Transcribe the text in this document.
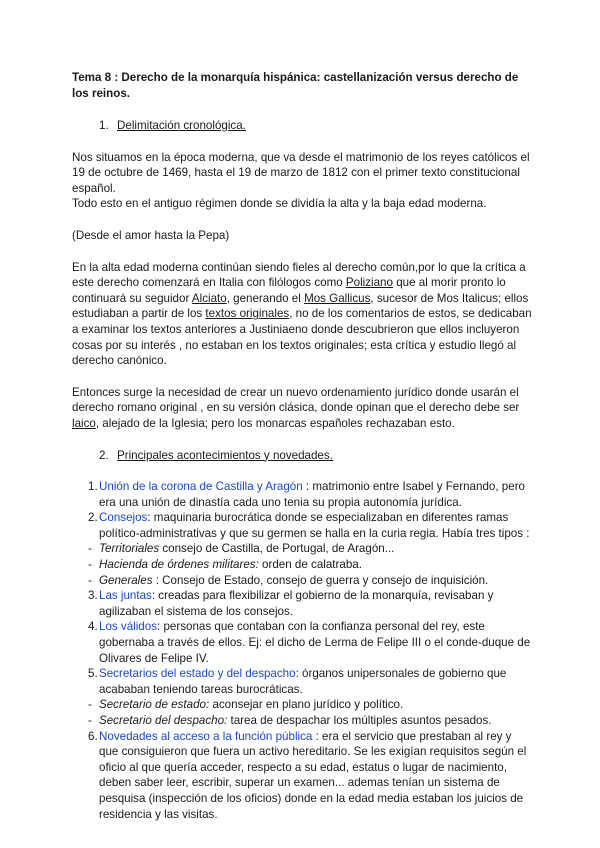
Tema 8 : Derecho de la monarquía hispánica: castellanización versus derecho de los reinos.

1. Delimitación cronológica.

Nos situamos en la época moderna, que va desde el matrimonio de los reyes católicos el 19 de octubre de 1469, hasta el 19 de marzo de 1812 con el primer texto constitucional español.

Todo esto en el antiguo régimen donde se dividía la alta y la baja edad moderna.

(Desde el amor hasta la Pepa)

En la alta edad moderna continúan siendo fieles al derecho común,por lo que la crítica a este derecho comenzará en Italia con filólogos como Poliziano que al morir pronto lo continuará su seguidor Alciato, generando el Mos Gallicus, sucesor de Mos Italicus; ellos estudiaban a partir de los textos originales, no de los comentarios de estos, se dedicaban a examinar los textos anteriores a Justiniaeno donde descubrieron que ellos incluyeron cosas por su interés , no estaban en los textos originales; esta crítica y estudio llegó al derecho canónico.

Entonces surge la necesidad de crear un nuevo ordenamiento jurídico donde usarán el derecho romano original , en su versión clásica, donde opinan que el derecho debe ser laico, alejado de la Iglesia; pero los monarcas españoles rechazaban esto.

2. Principales acontecimientos y novedades.

1. Unión de la corona de Castilla y Aragón : matrimonio entre Isabel y Fernando, pero era una unión de dinastía cada uno tenia su propia autonomía jurídica.

2. Consejos: maquinaria burocrática donde se especializaban en diferentes ramas político-administrativas y que su germen se halla en la curia regia. Había tres tipos :

- Territoriales consejo de Castilla, de Portugal, de Aragón...

- Hacienda de órdenes militares: orden de calatraba.

- Generales : Consejo de Estado, consejo de guerra y consejo de inquisición.

3. Las juntas: creadas para flexibilizar el gobierno de la monarquía, revisaban y agilizaban el sistema de los consejos.

4. Los válidos: personas que contaban con la confianza personal del rey, este gobernaba a través de ellos. Ej: el dicho de Lerma de Felipe III o el conde-duque de Olivares de Felipe IV.

5. Secretarios del estado y del despacho: órganos unipersonales de gobierno que acababan teniendo tareas burocráticas.

- Secretario de estado: aconsejar en plano jurídico y político.

- Secretario del despacho: tarea de despachar los múltiples asuntos pesados.

6. Novedades al acceso a la función pública : era el servicio que prestaban al rey y que consiguieron que fuera un activo hereditario. Se les exigían requisitos según el oficio al que quería acceder, respecto a su edad, estatus o lugar de nacimiento, deben saber leer, escribir, superar un examen... ademas tenían un sistema de pesquisa (inspección de los oficios) donde en la edad media estaban los juicios de residencia y las visitas.
